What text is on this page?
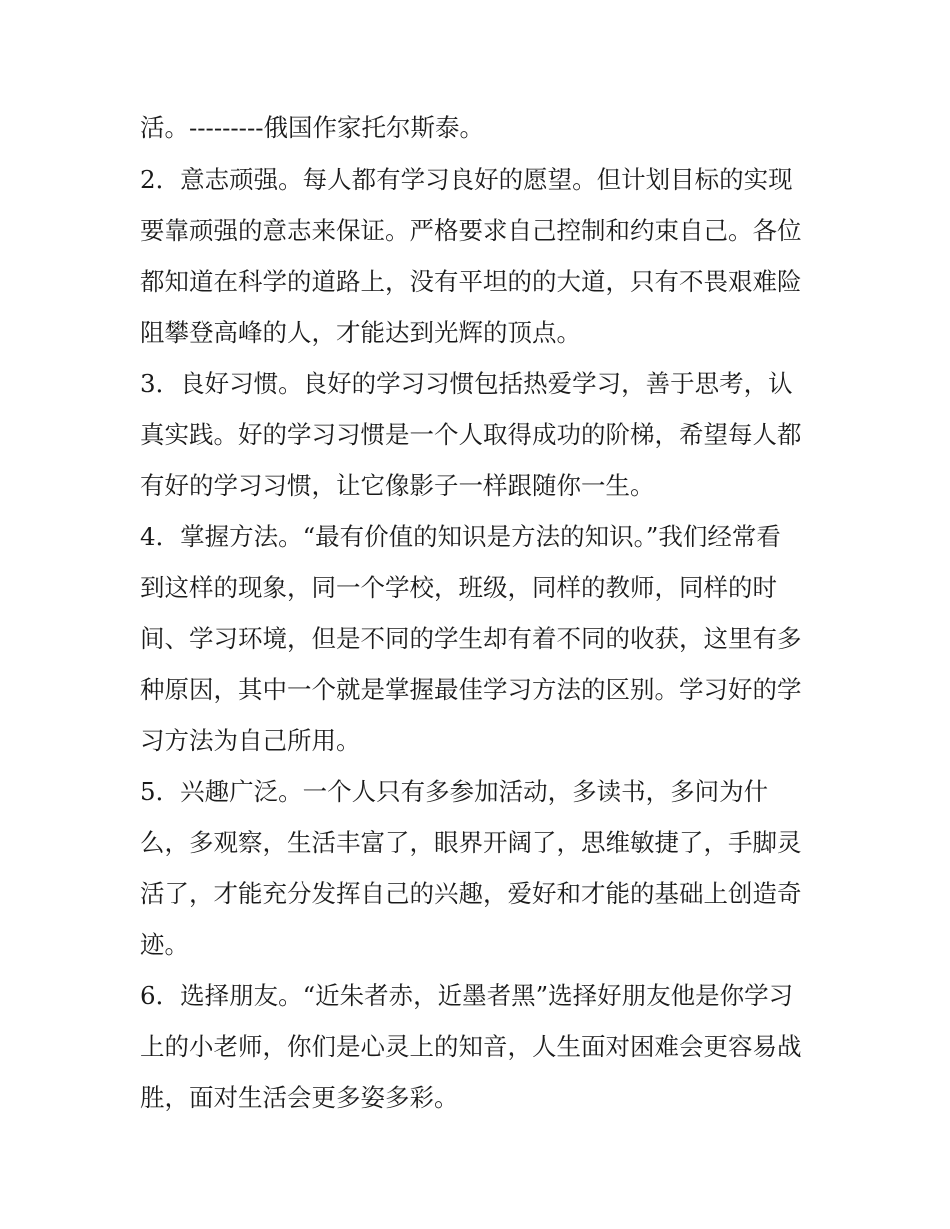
活。---------俄国作家托尔斯泰。
2．意志顽强。每人都有学习良好的愿望。但计划目标的实现
要靠顽强的意志来保证。严格要求自己控制和约束自己。各位
都知道在科学的道路上，没有平坦的的大道，只有不畏艰难险
阻攀登高峰的人，才能达到光辉的顶点。
3．良好习惯。良好的学习习惯包括热爱学习，善于思考，认
真实践。好的学习习惯是一个人取得成功的阶梯，希望每人都
有好的学习习惯，让它像影子一样跟随你一生。
4．掌握方法。“最有价值的知识是方法的知识。”我们经常看
到这样的现象，同一个学校，班级，同样的教师，同样的时
间、学习环境，但是不同的学生却有着不同的收获，这里有多
种原因，其中一个就是掌握最佳学习方法的区别。学习好的学
习方法为自己所用。
5．兴趣广泛。一个人只有多参加活动，多读书，多问为什
么，多观察，生活丰富了，眼界开阔了，思维敏捷了，手脚灵
活了，才能充分发挥自己的兴趣，爱好和才能的基础上创造奇
迹。
6．选择朋友。“近朱者赤，近墨者黑”选择好朋友他是你学习
上的小老师，你们是心灵上的知音，人生面对困难会更容易战
胜，面对生活会更多姿多彩。
